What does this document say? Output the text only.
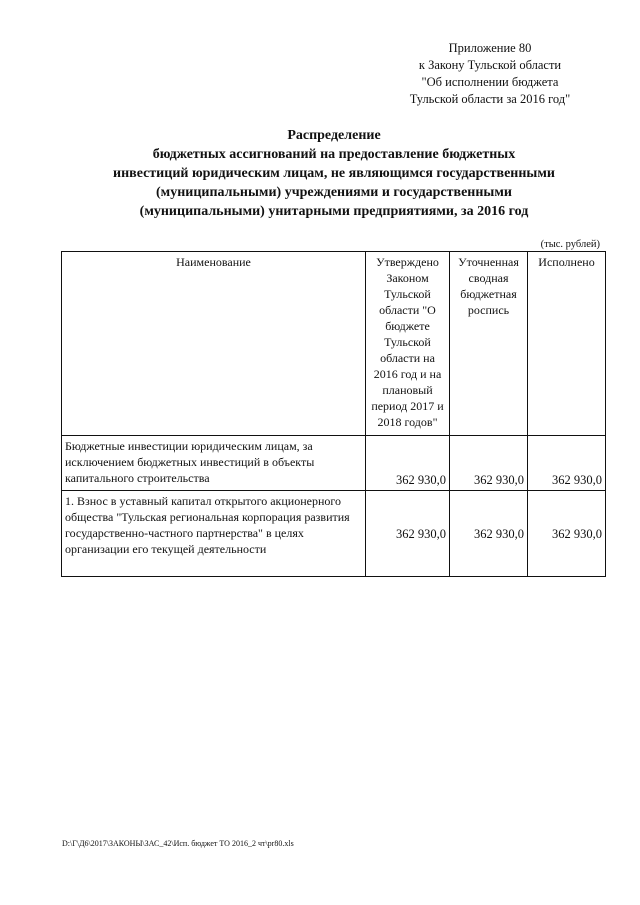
Приложение 80
к Закону Тульской области
"Об исполнении бюджета
Тульской области за 2016 год"
Распределение
бюджетных ассигнований на предоставление бюджетных
инвестиций юридическим лицам, не являющимся государственными
(муниципальными) учреждениями и государственными
(муниципальными) унитарными предприятиями, за 2016 год
(тыс. рублей)
Наименование	Утверждено Законом Тульской области "О бюджете Тульской области на 2016 год и на плановый период 2017 и 2018 годов"	Уточненная сводная бюджетная роспись	Исполнено
Бюджетные инвестиции юридическим лицам, за исключением бюджетных инвестиций в объекты капитального строительства	362 930,0	362 930,0	362 930,0
1. Взнос в уставный капитал открытого акционерного общества "Тульская региональная корпорация развития государственно-частного партнерства" в целях организации его текущей деятельности	362 930,0	362 930,0	362 930,0
D:\Г\Д6\2017\ЗАКОНЫ\ЗАС_42\Исп. бюджет ТО 2016_2 чт\pr80.xls
